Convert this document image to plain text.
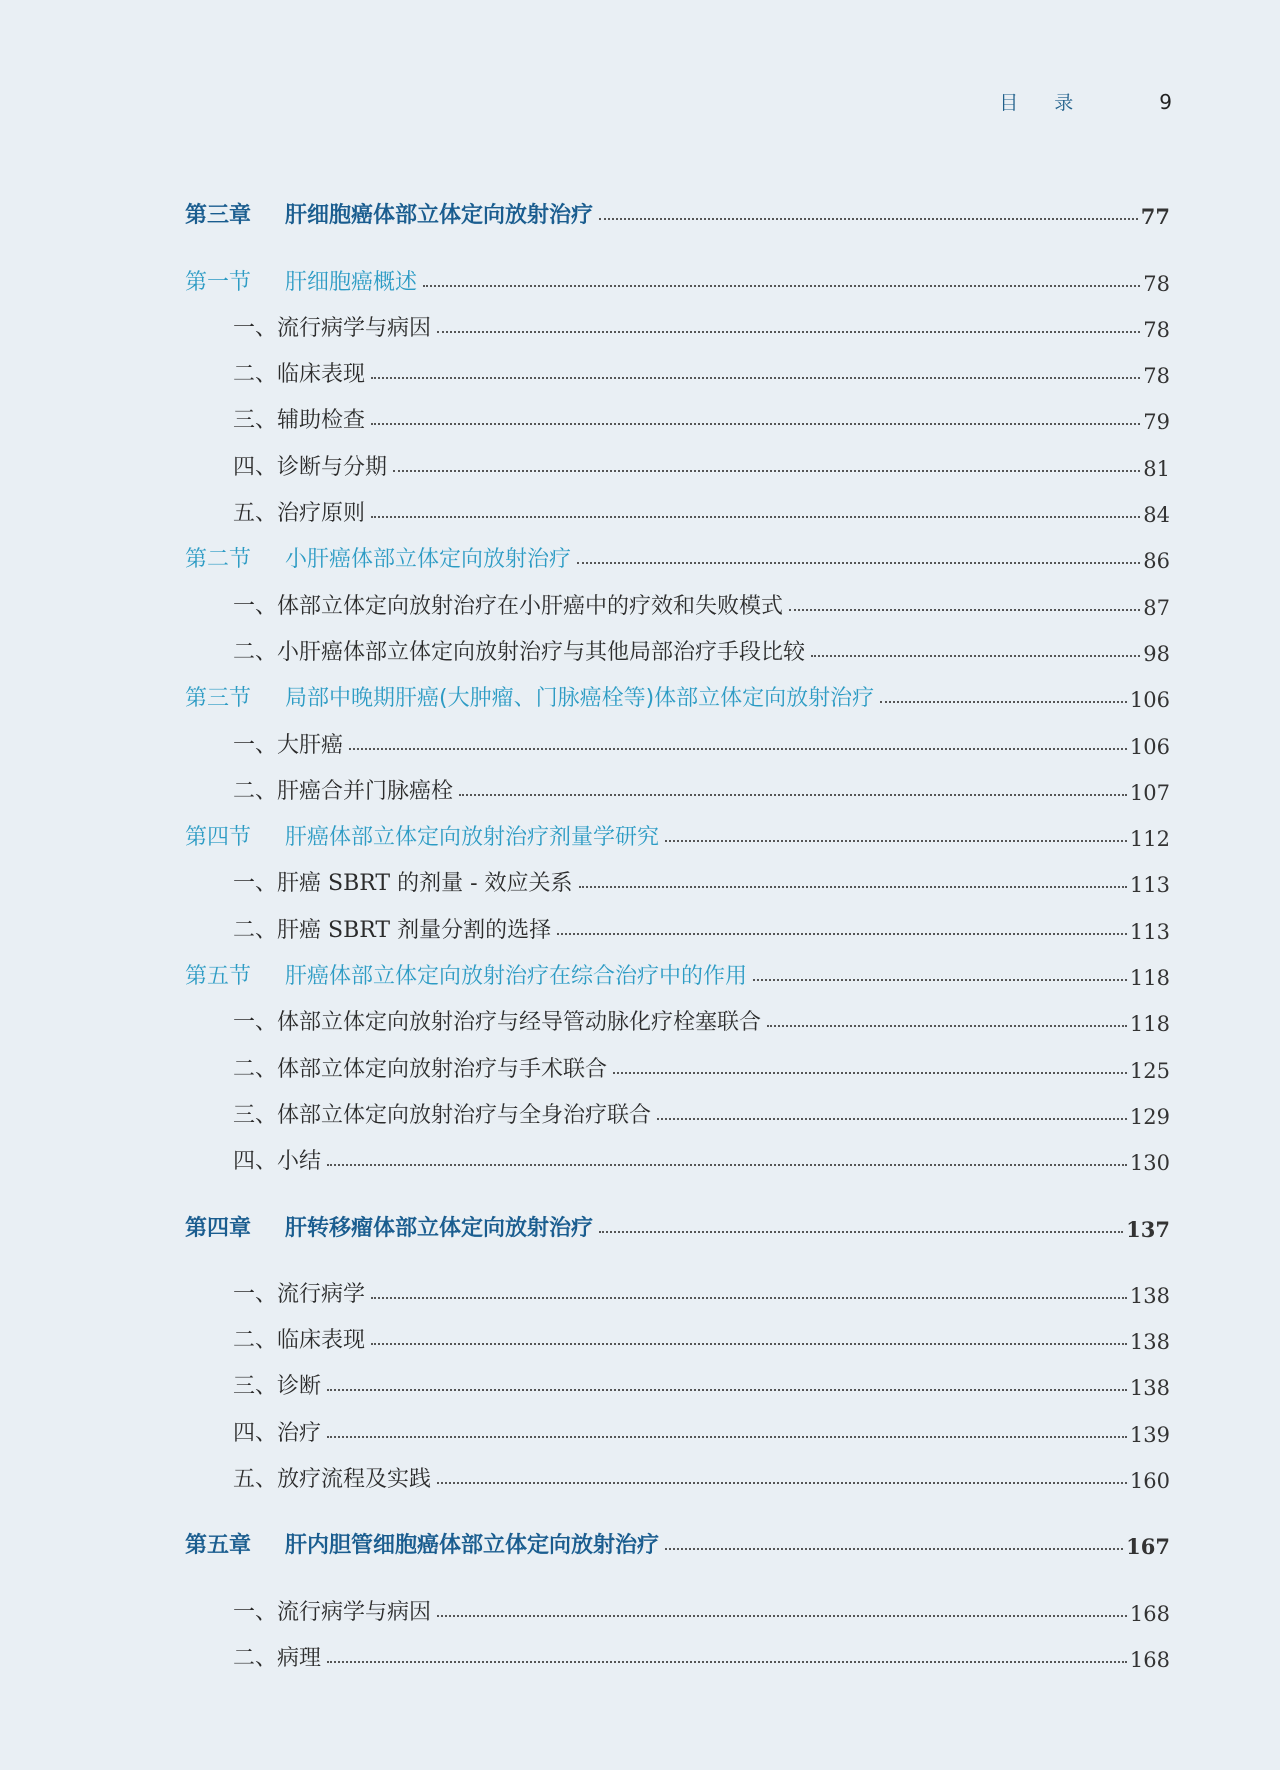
目录	9
第三章	肝细胞癌体部立体定向放射治疗	77
第一节	肝细胞癌概述	78
一、流行病学与病因	78
二、临床表现	78
三、辅助检查	79
四、诊断与分期	81
五、治疗原则	84
第二节	小肝癌体部立体定向放射治疗	86
一、体部立体定向放射治疗在小肝癌中的疗效和失败模式	87
二、小肝癌体部立体定向放射治疗与其他局部治疗手段比较	98
第三节	局部中晚期肝癌(大肿瘤、门脉癌栓等)体部立体定向放射治疗	106
一、大肝癌	106
二、肝癌合并门脉癌栓	107
第四节	肝癌体部立体定向放射治疗剂量学研究	112
一、肝癌 SBRT 的剂量 - 效应关系	113
二、肝癌 SBRT 剂量分割的选择	113
第五节	肝癌体部立体定向放射治疗在综合治疗中的作用	118
一、体部立体定向放射治疗与经导管动脉化疗栓塞联合	118
二、体部立体定向放射治疗与手术联合	125
三、体部立体定向放射治疗与全身治疗联合	129
四、小结	130
第四章	肝转移瘤体部立体定向放射治疗	137
一、流行病学	138
二、临床表现	138
三、诊断	138
四、治疗	139
五、放疗流程及实践	160
第五章	肝内胆管细胞癌体部立体定向放射治疗	167
一、流行病学与病因	168
二、病理	168
